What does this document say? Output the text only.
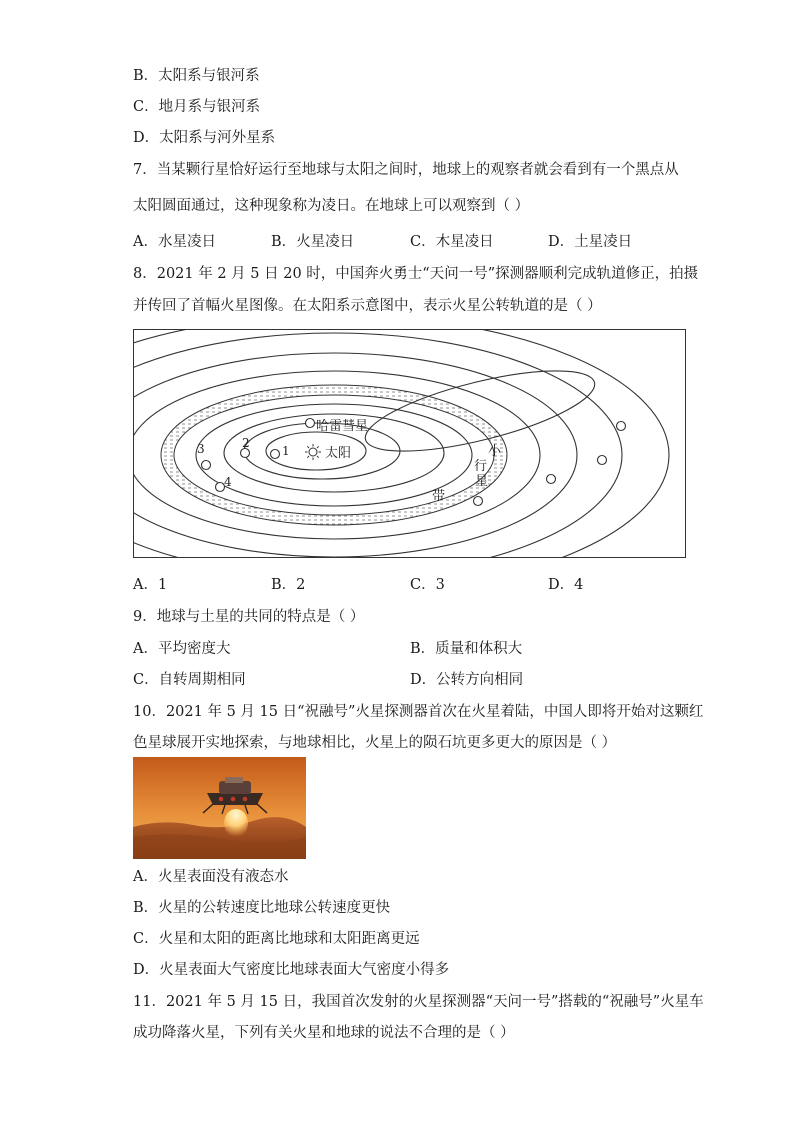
B．太阳系与银河系
C．地月系与银河系
D．太阳系与河外星系
7．当某颗行星恰好运行至地球与太阳之间时，地球上的观察者就会看到有一个黑点从
太阳圆面通过，这种现象称为凌日。在地球上可以观察到（ ）
A．水星凌日	B．火星凌日	C．木星凌日	D．土星凌日
8．2021 年 2 月 5 日 20 时，中国奔火勇士“天问一号”探测器顺利完成轨道修正，拍摄
并传回了首幅火星图像。在太阳系示意图中，表示火星公转轨道的是（ ）
太阳
哈雷彗星
1
2
3
4
小
行
星
带
A．1	B．2	C．3	D．4
9．地球与土星的共同的特点是（ ）
A．平均密度大	B．质量和体积大
C．自转周期相同	D．公转方向相同
10．2021 年 5 月 15 日“祝融号”火星探测器首次在火星着陆，中国人即将开始对这颗红
色星球展开实地探索，与地球相比，火星上的陨石坑更多更大的原因是（ ）
A．火星表面没有液态水
B．火星的公转速度比地球公转速度更快
C．火星和太阳的距离比地球和太阳距离更远
D．火星表面大气密度比地球表面大气密度小得多
11．2021 年 5 月 15 日，我国首次发射的火星探测器“天问一号”搭载的“祝融号”火星车
成功降落火星，下列有关火星和地球的说法不合理的是（ ）
